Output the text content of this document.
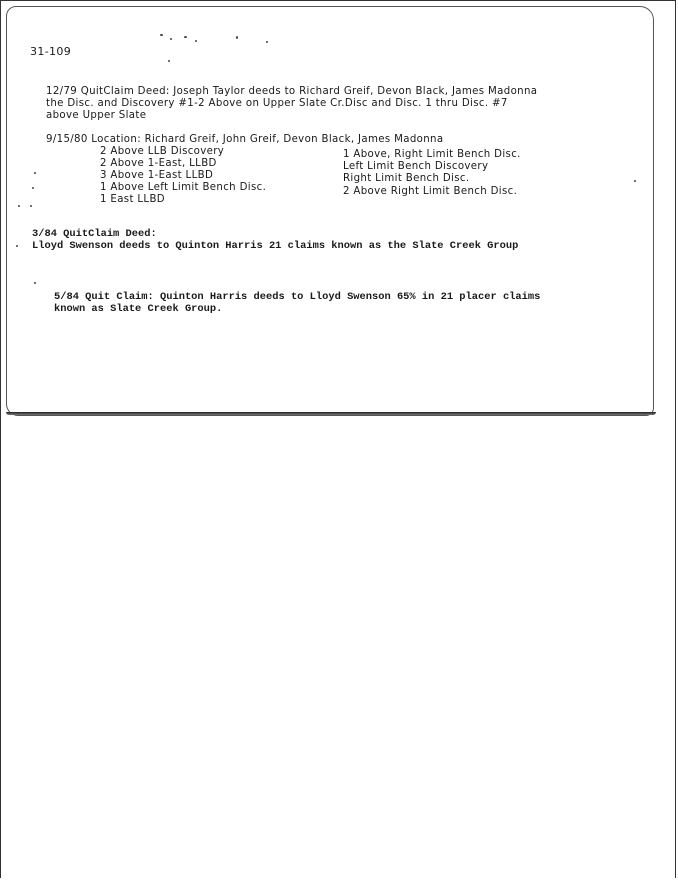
31-109
12/79 QuitClaim Deed: Joseph Taylor deeds to Richard Greif, Devon Black, James Madonna
the Disc. and Discovery #1-2 Above on Upper Slate Cr.Disc and Disc. 1 thru Disc. #7
above Upper Slate
9/15/80 Location: Richard Greif, John Greif, Devon Black, James Madonna
2 Above LLB Discovery
2 Above 1-East, LLBD
3 Above 1-East LLBD
1 Above Left Limit Bench Disc.
1 East LLBD
1 Above, Right Limit Bench Disc.
Left Limit Bench Discovery
Right Limit Bench Disc.
2 Above Right Limit Bench Disc.
3/84 QuitClaim Deed:
Lloyd Swenson deeds to Quinton Harris 21 claims known as the Slate Creek Group
5/84 Quit Claim: Quinton Harris deeds to Lloyd Swenson 65% in 21 placer claims
known as Slate Creek Group.
